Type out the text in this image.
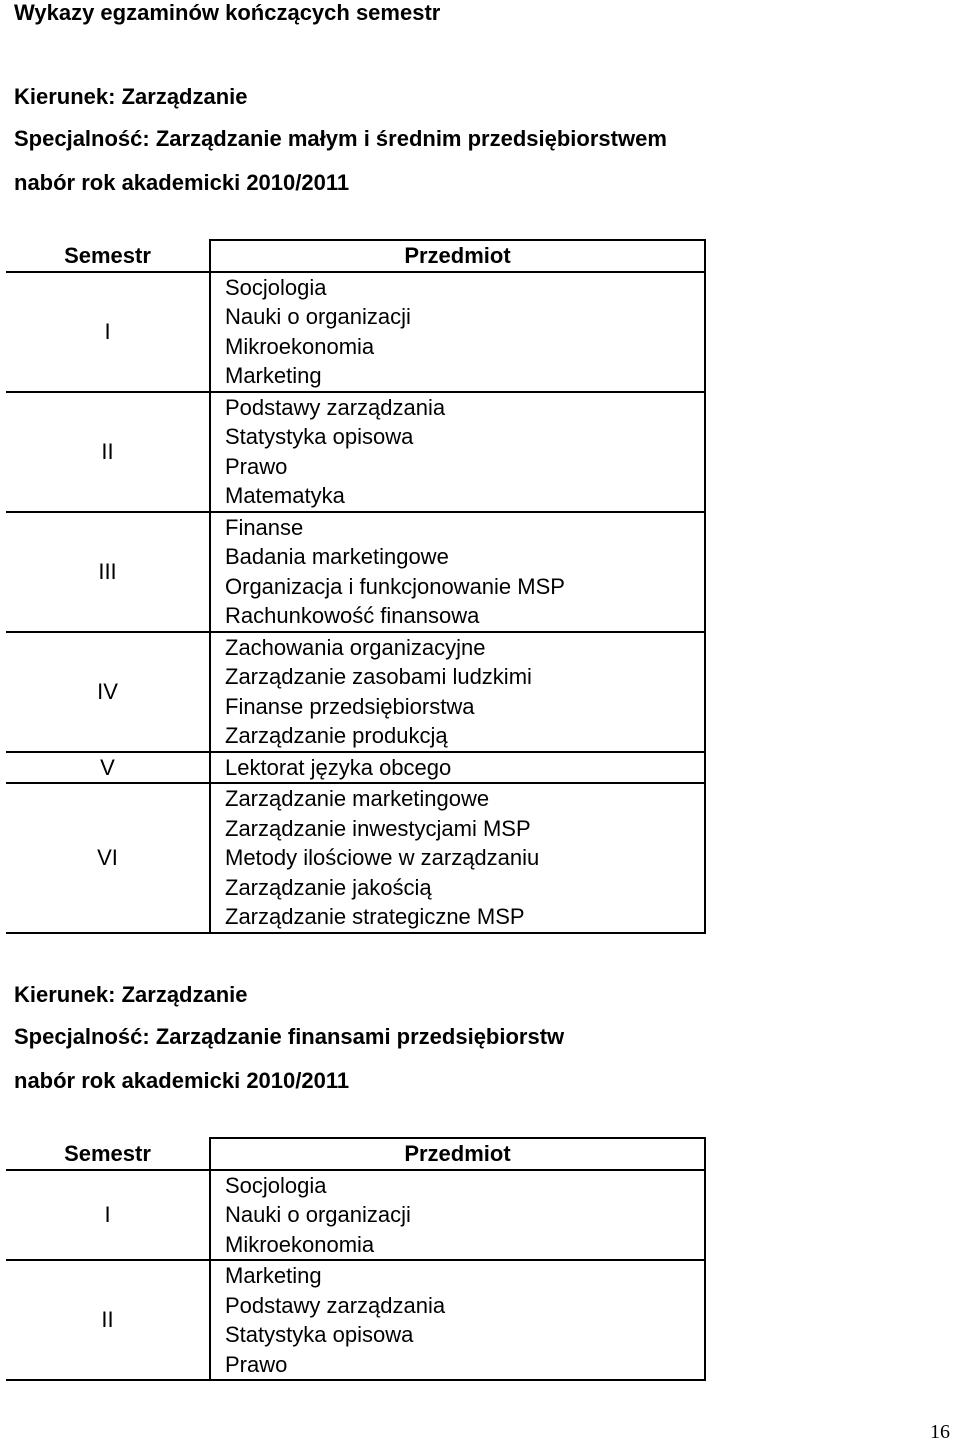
Wykazy egzaminów kończących semestr
Kierunek: Zarządzanie
Specjalność: Zarządzanie małym i średnim przedsiębiorstwem
nabór rok akademicki 2010/2011
Semestr	Przedmiot
I	Socjologia
	Nauki o organizacji
	Mikroekonomia
	Marketing
II	Podstawy zarządzania
	Statystyka opisowa
	Prawo
	Matematyka
III	Finanse
	Badania marketingowe
	Organizacja i funkcjonowanie MSP
	Rachunkowość finansowa
IV	Zachowania organizacyjne
	Zarządzanie zasobami ludzkimi
	Finanse przedsiębiorstwa
	Zarządzanie produkcją
V	Lektorat języka obcego
VI	Zarządzanie marketingowe
	Zarządzanie inwestycjami MSP
	Metody ilościowe w zarządzaniu
	Zarządzanie jakością
	Zarządzanie strategiczne MSP
Kierunek: Zarządzanie
Specjalność: Zarządzanie finansami przedsiębiorstw
nabór rok akademicki 2010/2011
Semestr	Przedmiot
I	Socjologia
	Nauki o organizacji
	Mikroekonomia
II	Marketing
	Podstawy zarządzania
	Statystyka opisowa
	Prawo
16
